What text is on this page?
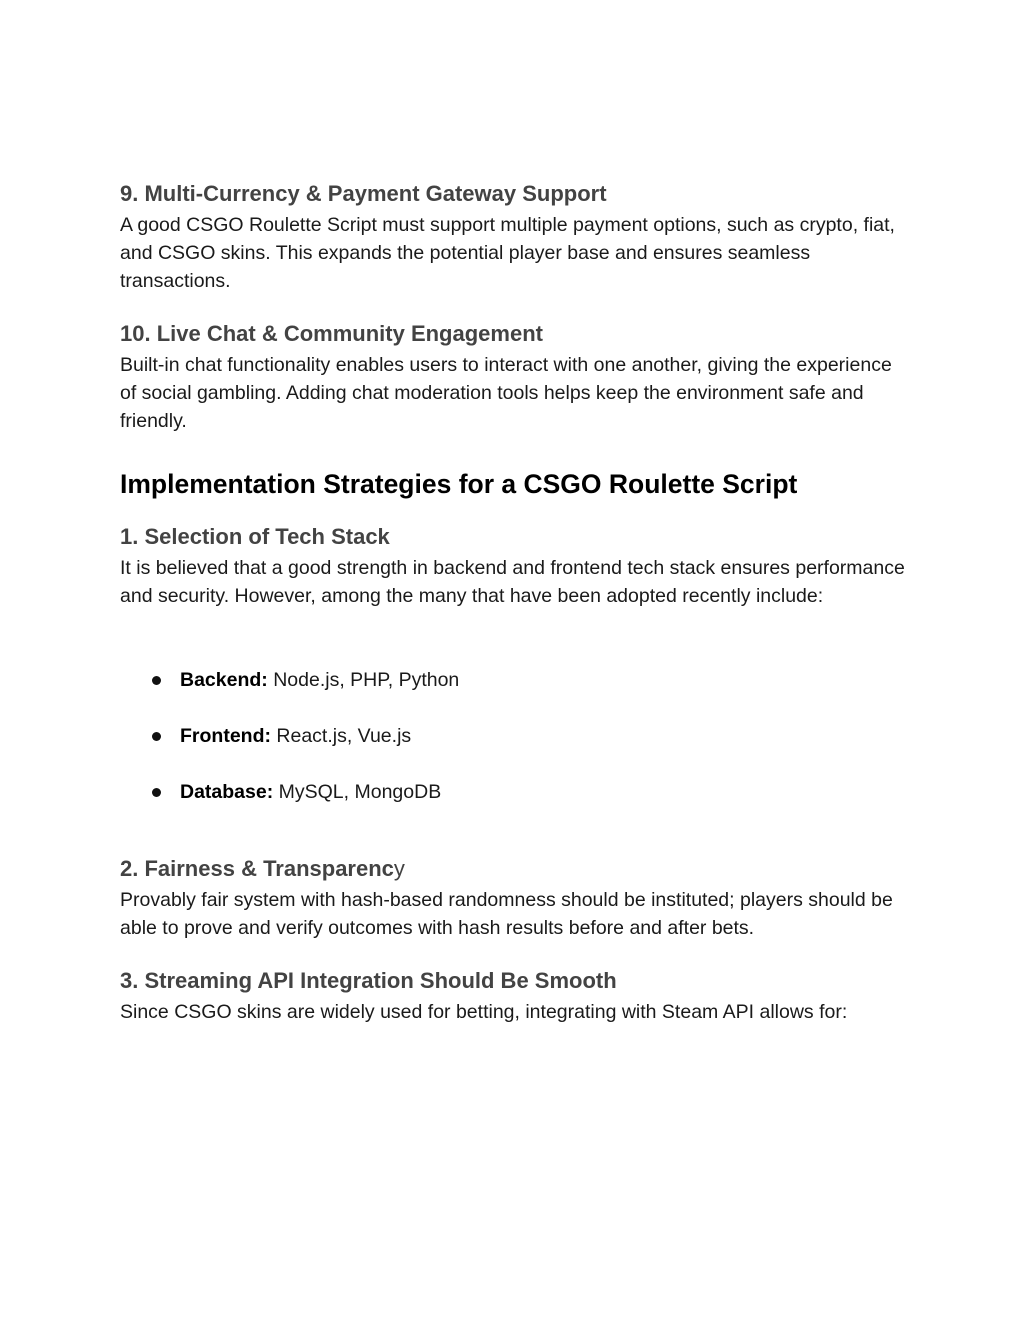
9. Multi-Currency & Payment Gateway Support

A good CSGO Roulette Script must support multiple payment options, such as crypto, fiat, and CSGO skins. This expands the potential player base and ensures seamless transactions.

10. Live Chat & Community Engagement

Built-in chat functionality enables users to interact with one another, giving the experience of social gambling. Adding chat moderation tools helps keep the environment safe and friendly.

Implementation Strategies for a CSGO Roulette Script
1. Selection of Tech Stack

It is believed that a good strength in backend and frontend tech stack ensures performance and security. However, among the many that have been adopted recently include:

Backend: Node.js, PHP, Python
Frontend: React.js, Vue.js
Database: MySQL, MongoDB
2. Fairness & Transparency

Provably fair system with hash-based randomness should be instituted; players should be able to prove and verify outcomes with hash results before and after bets.

3. Streaming API Integration Should Be Smooth

Since CSGO skins are widely used for betting, integrating with Steam API allows for:
